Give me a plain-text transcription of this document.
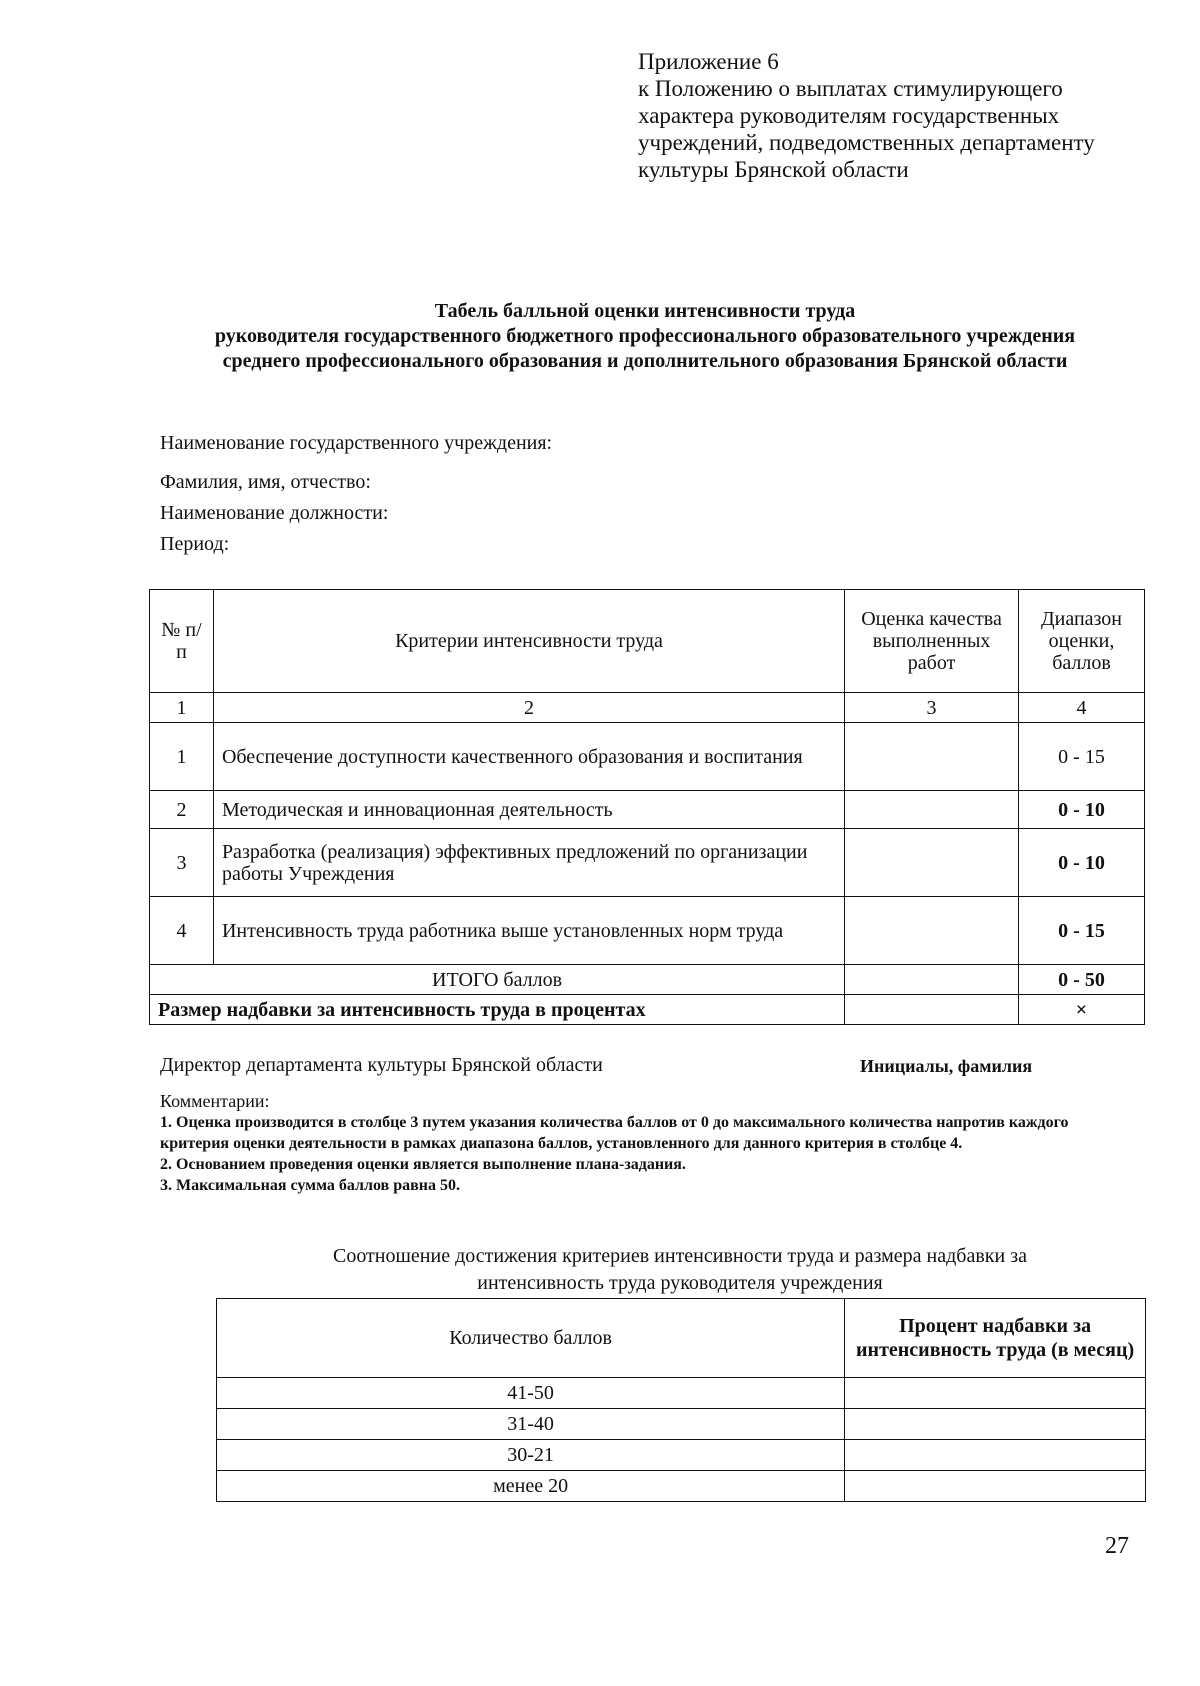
Приложение 6
к Положению о выплатах стимулирующего
характера руководителям государственных
учреждений, подведомственных департаменту
культуры Брянской области
Табель балльной оценки интенсивности труда
руководителя государственного бюджетного профессионального образовательного учреждения
среднего профессионального образования и дополнительного образования Брянской области
Наименование государственного учреждения:
Фамилия, имя, отчество:
Наименование должности:
Период:
№ п/п	Критерии интенсивности труда	Оценка качества выполненных работ	Диапазон оценки, баллов
1	2	3	4
1	Обеспечение доступности качественного образования и воспитания		0 - 15
2	Методическая и инновационная деятельность		0 - 10
3	Разработка (реализация) эффективных предложений по организации работы Учреждения		0 - 10
4	Интенсивность труда работника выше установленных норм труда		0 - 15
ИТОГО баллов			0 - 50
Размер надбавки за интенсивность труда в процентах			×
Директор департамента культуры Брянской области	Инициалы, фамилия
Комментарии:
1. Оценка производится в столбце 3 путем указания количества баллов от 0 до максимального количества напротив каждого критерия оценки деятельности в рамках диапазона баллов, установленного для данного критерия в столбце 4.
2. Основанием проведения оценки является выполнение плана-задания.
3. Максимальная сумма баллов равна 50.
Соотношение достижения критериев интенсивности труда и размера надбавки за
интенсивность труда руководителя учреждения
Количество баллов	Процент надбавки за интенсивность труда (в месяц)
41-50	
31-40	
30-21	
менее 20	
27
